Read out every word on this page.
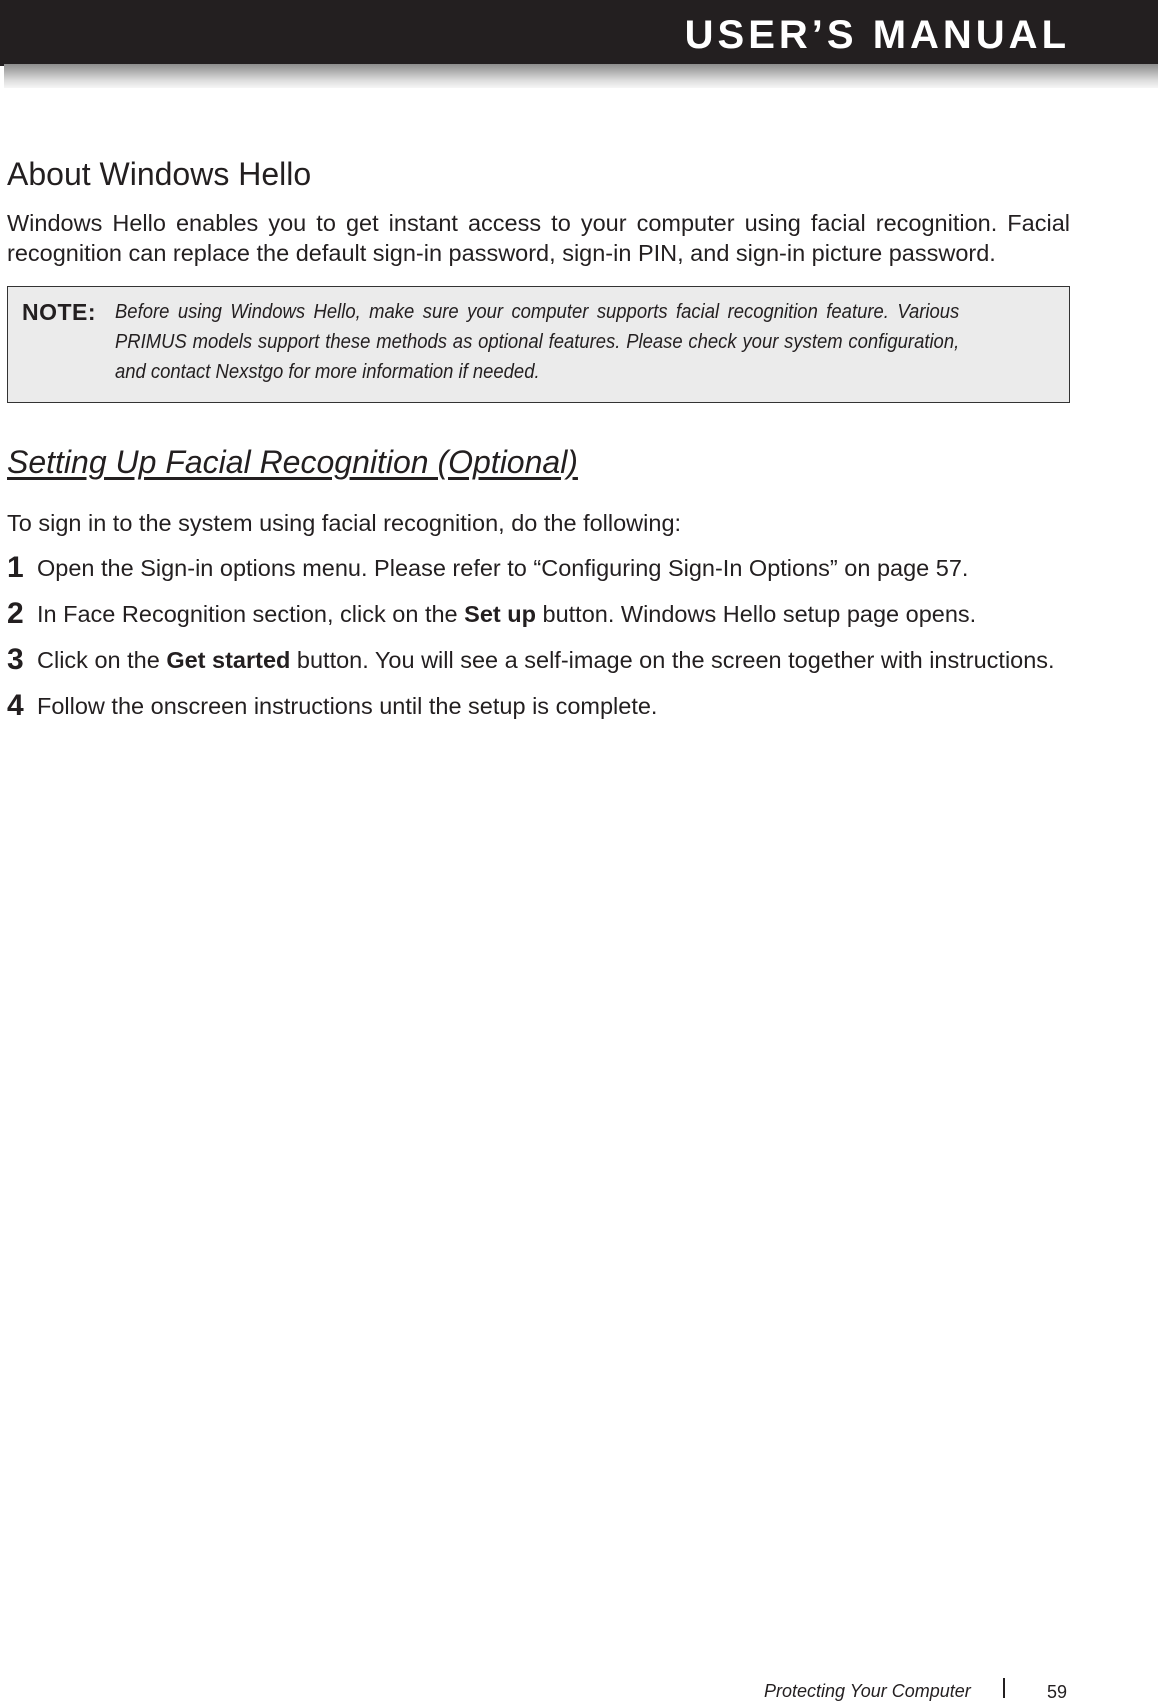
USER’S MANUAL
About Windows Hello

Windows Hello enables you to get instant access to your computer using facial recognition. Facial recognition can replace the default sign-in password, sign-in PIN, and sign-in picture password.

NOTE: Before using Windows Hello, make sure your computer supports facial recognition feature. Various PRIMUS models support these methods as optional features. Please check your system configuration, and contact Nexstgo for more information if needed.
Setting Up Facial Recognition (Optional)
To sign in to the system using facial recognition, do the following:
1 Open the Sign-in options menu. Please refer to “Configuring Sign-In Options” on page 57.
2 In Face Recognition section, click on the Set up button. Windows Hello setup page opens.
3 Click on the Get started button. You will see a self-image on the screen together with instructions.
4 Follow the onscreen instructions until the setup is complete.
Protecting Your Computer	59
